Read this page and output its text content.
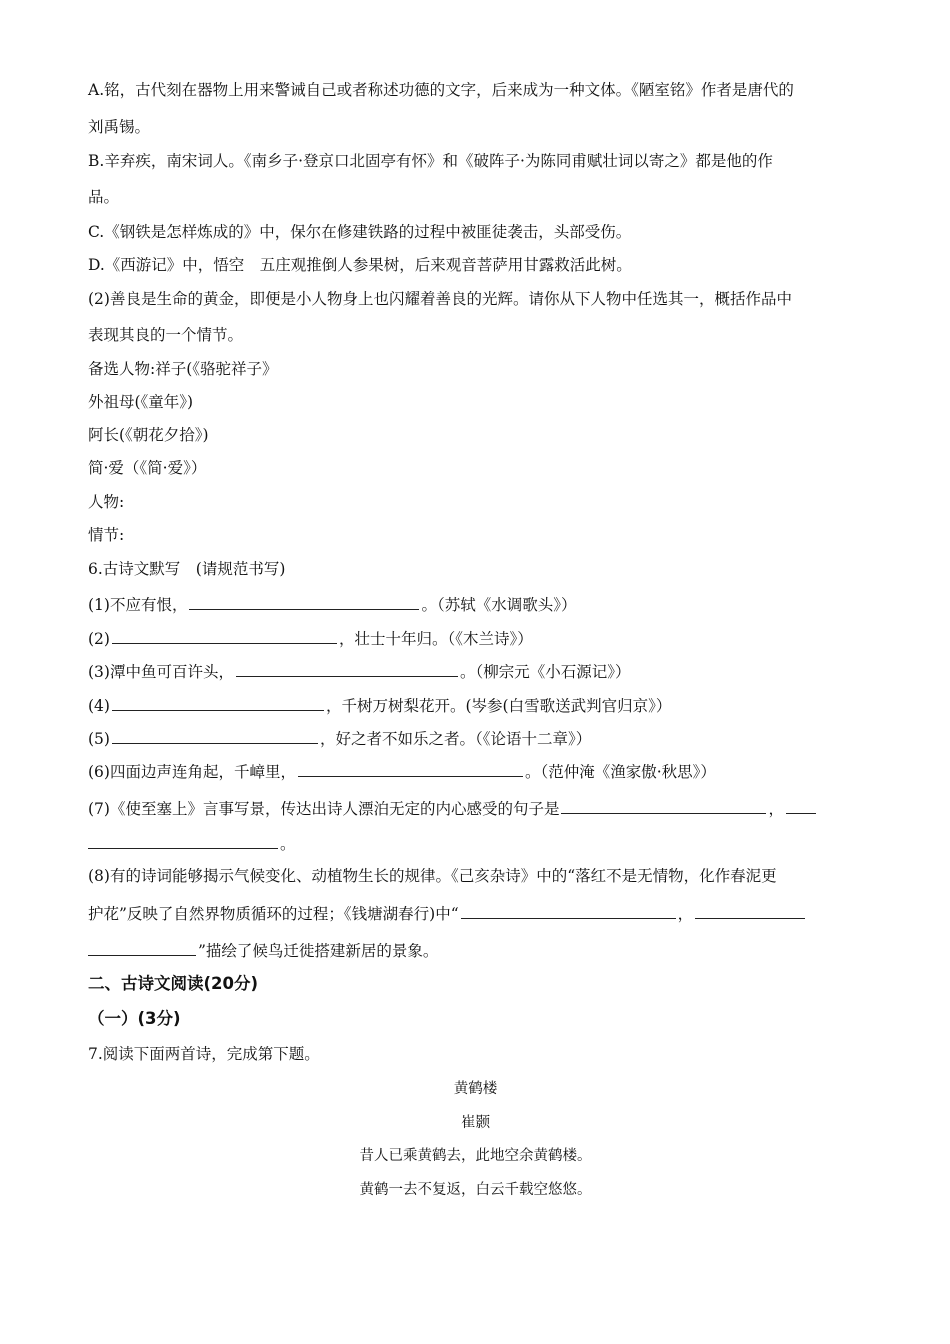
A.铭，古代刻在器物上用来警诫自己或者称述功德的文字，后来成为一种文体。《陋室铭》作者是唐代的
刘禹锡。
B.辛弃疾，南宋词人。《南乡子·登京口北固亭有怀》和《破阵子·为陈同甫赋壮词以寄之》都是他的作
品。
C.《钢铁是怎样炼成的》中，保尔在修建铁路的过程中被匪徒袭击，头部受伤。
D.《西游记》中，悟空　五庄观推倒人参果树，后来观音菩萨用甘露救活此树。
(2)善良是生命的黄金，即便是小人物身上也闪耀着善良的光辉。请你从下人物中任选其一，概括作品中
表现其良的一个情节。
备选人物:祥子(《骆驼祥子》
外祖母(《童年》)
阿长(《朝花夕拾》)
简·爱（《简·爱》）
人物:
情节:
6.古诗文默写　(请规范书写)
(1)不应有恨，	。（苏轼《水调歌头》）
(2)	，壮士十年归。（《木兰诗》）
(3)潭中鱼可百许头，	。（柳宗元《小石源记》）
(4)	，千树万树梨花开。(岑参(白雪歌送武判官归京》）
(5)	，好之者不如乐之者。（《论语十二章》）
(6)四面边声连角起，千嶂里，	。（范仲淹《渔家傲·秋思》）
(7)《使至塞上》言事写景，传达出诗人漂泊无定的内心感受的句子是	，
。
(8)有的诗词能够揭示气候变化、动植物生长的规律。《己亥杂诗》中的“落红不是无情物，化作春泥更
护花”反映了自然界物质循环的过程；《钱塘湖春行)中“	，
”描绘了候鸟迁徙搭建新居的景象。
二、古诗文阅读(20分)
（一）(3分)
7.阅读下面两首诗，完成第下题。
黄鹤楼
崔颢
昔人已乘黄鹤去，此地空余黄鹤楼。
黄鹤一去不复返，白云千载空悠悠。
